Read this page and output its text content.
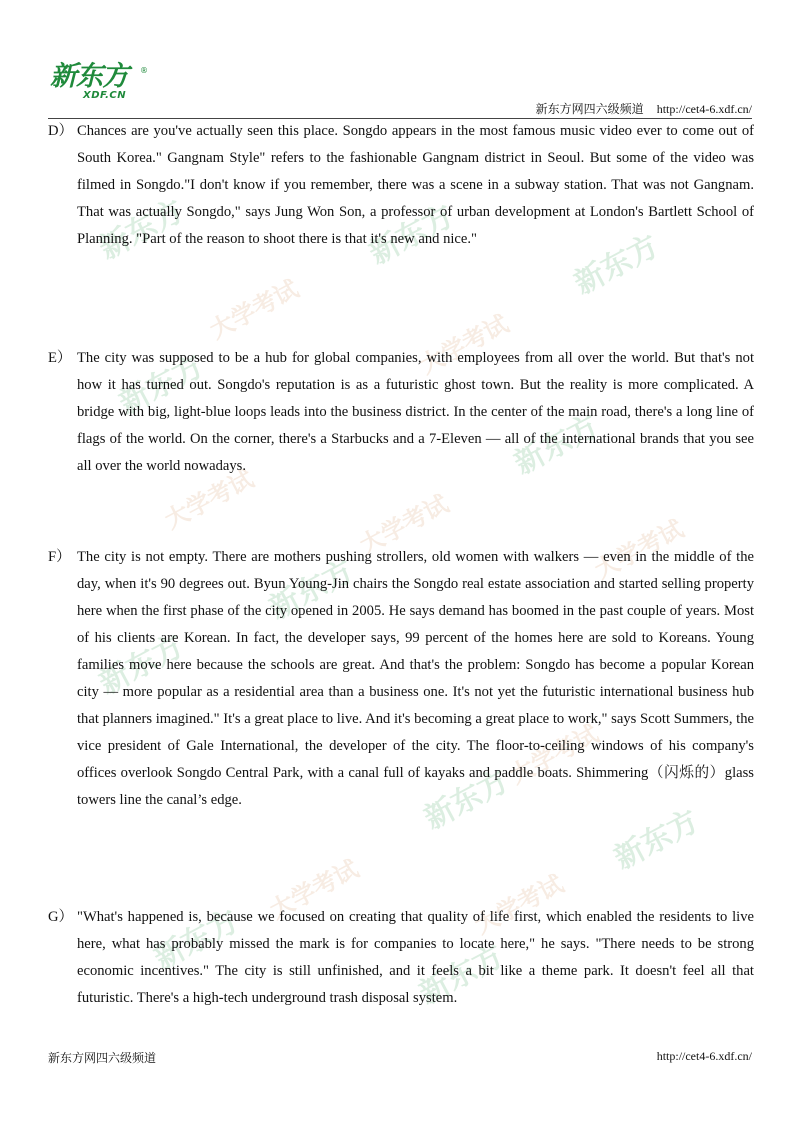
新东方
大学考试
新东方	新东方
大学考试
新东方
大学考试
新东方
大学考试
新东方
大学考试
新东方
大学考试
新东方
新东方
新东方
大学考试	大学考试
新东方
新东方 ®
XDF.CN
新东方网四六级频道 http://cet4-6.xdf.cn/
D） Chances are you've actually seen this place. Songdo appears in the most famous music video ever to come out of South Korea." Gangnam Style" refers to the fashionable Gangnam district in Seoul. But some of the video was filmed in Songdo."I don't know if you remember, there was a scene in a subway station. That was not Gangnam. That was actually Songdo," says Jung Won Son, a professor of urban development at London's Bartlett School of Planning. "Part of the reason to shoot there is that it's new and nice."
E） The city was supposed to be a hub for global companies, with employees from all over the world. But that's not how it has turned out. Songdo's reputation is as a futuristic ghost town. But the reality is more complicated. A bridge with big, light-blue loops leads into the business district. In the center of the main road, there's a long line of flags of the world. On the corner, there's a Starbucks and a 7-Eleven — all of the international brands that you see all over the world nowadays.
F） The city is not empty. There are mothers pushing strollers, old women with walkers — even in the middle of the day, when it's 90 degrees out. Byun Young-Jin chairs the Songdo real estate association and started selling property here when the first phase of the city opened in 2005. He says demand has boomed in the past couple of years. Most of his clients are Korean. In fact, the developer says, 99 percent of the homes here are sold to Koreans. Young families move here because the schools are great. And that's the problem: Songdo has become a popular Korean city — more popular as a residential area than a business one. It's not yet the futuristic international business hub that planners imagined." It's a great place to live. And it's becoming a great place to work," says Scott Summers, the vice president of Gale International, the developer of the city. The floor-to-ceiling windows of his company's offices overlook Songdo Central Park, with a canal full of kayaks and paddle boats. Shimmering（闪烁的）glass towers line the canal’s edge.
G） "What's happened is, because we focused on creating that quality of life first, which enabled the residents to live here, what has probably missed the mark is for companies to locate here," he says. "There needs to be strong economic incentives." The city is still unfinished, and it feels a bit like a theme park. It doesn't feel all that futuristic. There's a high-tech underground trash disposal system.
新东方网四六级频道	http://cet4-6.xdf.cn/
